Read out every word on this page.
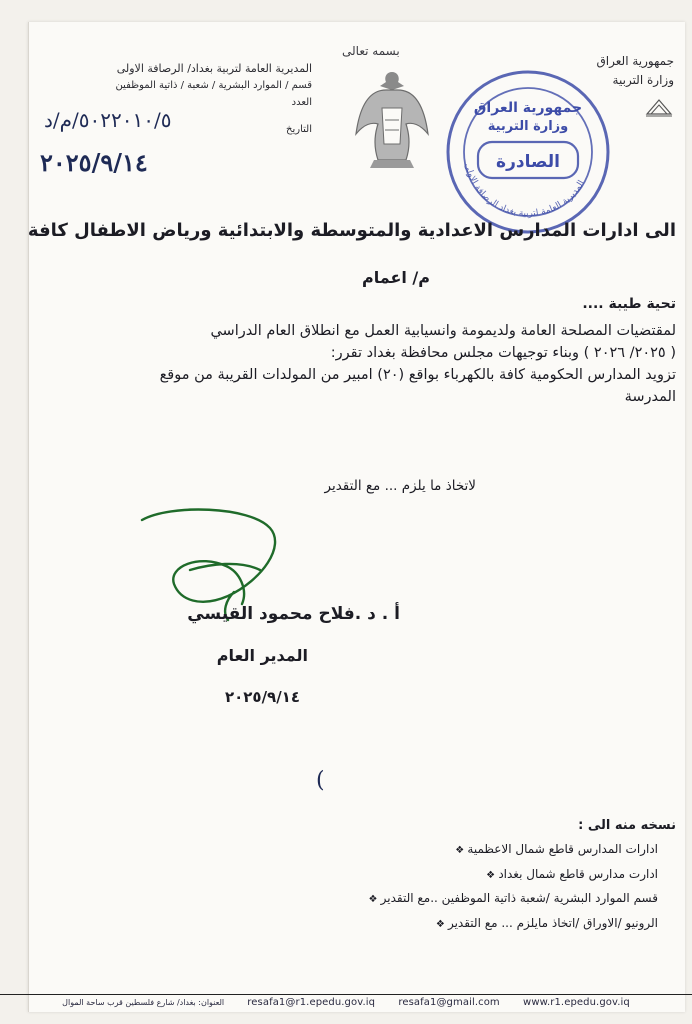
جمهورية العراق
وزارة التربية
بسمه تعالى
المديرية العامة لتربية بغداد الرصافة الاولى
جمهورية العراق
وزارة التربية
الصادرة
المديرية العامة لتربية بغداد/ الرصافة الاولى
قسم / الموارد البشرية / شعبة / ذاتية الموظفين
العدد
التاريخ
٥٠٢٢٠١٠/٥/م/د
٢٠٢٥/٩/١٤
الى ادارات المدارس الاعدادية والمتوسطة والابتدائية ورياض الاطفال كافة
م/ اعمام
تحية طيبة ....
لمقتضيات المصلحة العامة ولديمومة وانسيابية العمل مع انطلاق العام الدراسي
( ٢٠٢٥/ ٢٠٢٦ ) وبناء توجيهات مجلس محافظة بغداد تقرر:
تزويد المدارس الحكومية كافة بالكهرباء بواقع (٢٠) امبير من المولدات القريبة من موقع
المدرسة
لاتخاذ ما يلزم ... مع التقدير
أ . د .فلاح محمود القيسي
المدير العام
٢٠٢٥/٩/١٤
(
نسخه منه الى :
ادارات المدارس قاطع شمال الاعظمية ❖
ادارت مدارس قاطع شمال بغداد ❖
قسم الموارد البشرية /شعبة ذاتية الموظفين ..مع التقدير ❖
الرونيو /الاوراق /اتخاذ مايلزم ... مع التقدير ❖
العنوان: بغداد/ شارع فلسطين قرب ساحة الموال resafa1@r1.epedu.gov.iq resafa1@gmail.com www.r1.epedu.gov.iq
